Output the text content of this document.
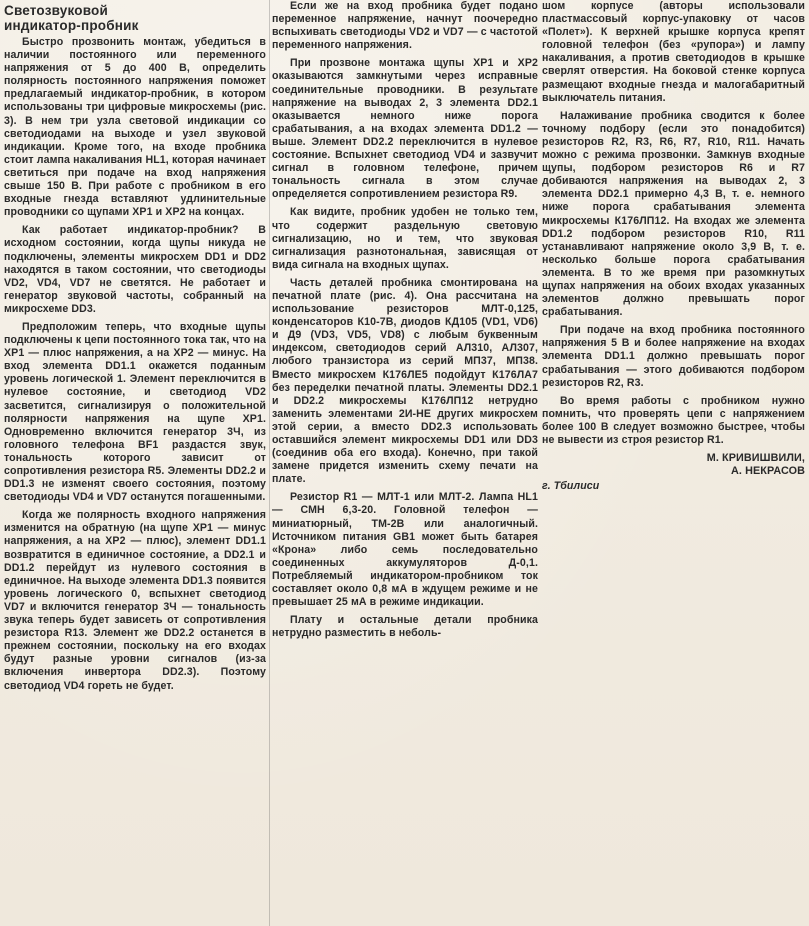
Светозвуковой
индикатор-пробник

Быстро прозвонить монтаж, убедиться в наличии постоянного или переменного напряжения от 5 до 400 В, определить полярность постоянного напряжения поможет предлагаемый индикатор-пробник, в котором использованы три цифровые микросхемы (рис. 3). В нем три узла световой индикации со светодиодами на выходе и узел звуковой индикации. Кроме того, на входе пробника стоит лампа накаливания HL1, которая начинает светиться при подаче на вход напряжения свыше 150 В. При работе с пробником в его входные гнезда вставляют удлинительные проводники со щупами XP1 и XP2 на концах.

Как работает индикатор-пробник? В исходном состоянии, когда щупы никуда не подключены, элементы микросхем DD1 и DD2 находятся в таком состоянии, что светодиоды VD2, VD4, VD7 не светятся. Не работает и генератор звуковой частоты, собранный на микросхеме DD3.

Предположим теперь, что входные щупы подключены к цепи постоянного тока так, что на XP1 — плюс напряжения, а на XP2 — минус. На вход элемента DD1.1 окажется поданным уровень логической 1. Элемент переключится в нулевое состояние, и светодиод VD2 засветится, сигнализируя о положительной полярности напряжения на щупе XP1. Одновременно включится генератор 3Ч, из головного телефона BF1 раздастся звук, тональность которого зависит от сопротивления резистора R5. Элементы DD2.2 и DD1.3 не изменят своего состояния, поэтому светодиоды VD4 и VD7 останутся погашенными.

Когда же полярность входного напряжения изменится на обратную (на щупе XP1 — минус напряжения, а на XP2 — плюс), элемент DD1.1 возвратится в единичное состояние, а DD2.1 и DD1.2 перейдут из нулевого состояния в единичное. На выходе элемента DD1.3 появится уровень логического 0, вспыхнет светодиод VD7 и включится генератор 3Ч — тональность звука теперь будет зависеть от сопротивления резистора R13. Элемент же DD2.2 останется в прежнем состоянии, поскольку на его входах будут разные уровни сигналов (из-за включения инвертора DD2.3). Поэтому светодиод VD4 гореть не будет.

Если же на вход пробника будет подано переменное напряжение, начнут поочередно вспыхивать светодиоды VD2 и VD7 — с частотой переменного напряжения.

При прозвоне монтажа щупы XP1 и XP2 оказываются замкнутыми через исправные соединительные проводники. В результате напряжение на выводах 2, 3 элемента DD2.1 оказывается немного ниже порога срабатывания, а на входах элемента DD1.2 — выше. Элемент DD2.2 переключится в нулевое состояние. Вспыхнет светодиод VD4 и зазвучит сигнал в головном телефоне, причем тональность сигнала в этом случае определяется сопротивлением резистора R9.

Как видите, пробник удобен не только тем, что содержит раздельную световую сигнализацию, но и тем, что звуковая сигнализация разнотональная, зависящая от вида сигнала на входных щупах.

Часть деталей пробника смонтирована на печатной плате (рис. 4). Она рассчитана на использование резисторов МЛТ-0,125, конденсаторов К10-7В, диодов КД105 (VD1, VD6) и Д9 (VD3, VD5, VD8) с любым буквенным индексом, светодиодов серий АЛ310, АЛ307, любого транзистора из серий МП37, МП38. Вместо микросхем К176ЛЕ5 подойдут К176ЛА7 без переделки печатной платы. Элементы DD2.1 и DD2.2 микросхемы К176ЛП12 нетрудно заменить элементами 2И-НЕ других микросхем этой серии, а вместо DD2.3 использовать оставшийся элемент микросхемы DD1 или DD3 (соединив оба его входа). Конечно, при такой замене придется изменить схему печати на плате.

Резистор R1 — МЛТ-1 или МЛТ-2. Лампа HL1 — СМН 6,3-20. Головной телефон — миниатюрный, ТМ-2В или аналогичный. Источником питания GB1 может быть батарея «Крона» либо семь последовательно соединенных аккумуляторов Д-0,1. Потребляемый индикатором-пробником ток составляет около 0,8 мА в ждущем режиме и не превышает 25 мА в режиме индикации.

Плату и остальные детали пробника нетрудно разместить в неболь-

шом корпусе (авторы использовали пластмассовый корпус-упаковку от часов «Полет»). К верхней крышке корпуса крепят головной телефон (без «рупора») и лампу накаливания, а против светодиодов в крышке сверлят отверстия. На боковой стенке корпуса размещают входные гнезда и малогабаритный выключатель питания.

Налаживание пробника сводится к более точному подбору (если это понадобится) резисторов R2, R3, R6, R7, R10, R11. Начать можно с режима прозвонки. Замкнув входные щупы, подбором резисторов R6 и R7 добиваются напряжения на выводах 2, 3 элемента DD2.1 примерно 4,3 В, т. е. немного ниже порога срабатывания элемента микросхемы К176ЛП12. На входах же элемента DD1.2 подбором резисторов R10, R11 устанавливают напряжение около 3,9 В, т. е. несколько больше порога срабатывания элемента. В то же время при разомкнутых щупах напряжения на обоих входах указанных элементов должно превышать порог срабатывания.

При подаче на вход пробника постоянного напряжения 5 В и более напряжение на входах элемента DD1.1 должно превышать порог срабатывания — этого добиваются подбором резисторов R2, R3.

Во время работы с пробником нужно помнить, что проверять цепи с напряжением более 100 В следует возможно быстрее, чтобы не вывести из строя резистор R1.

М. КРИВИШВИЛИ,

А. НЕКРАСОВ

г. Тбилиси
